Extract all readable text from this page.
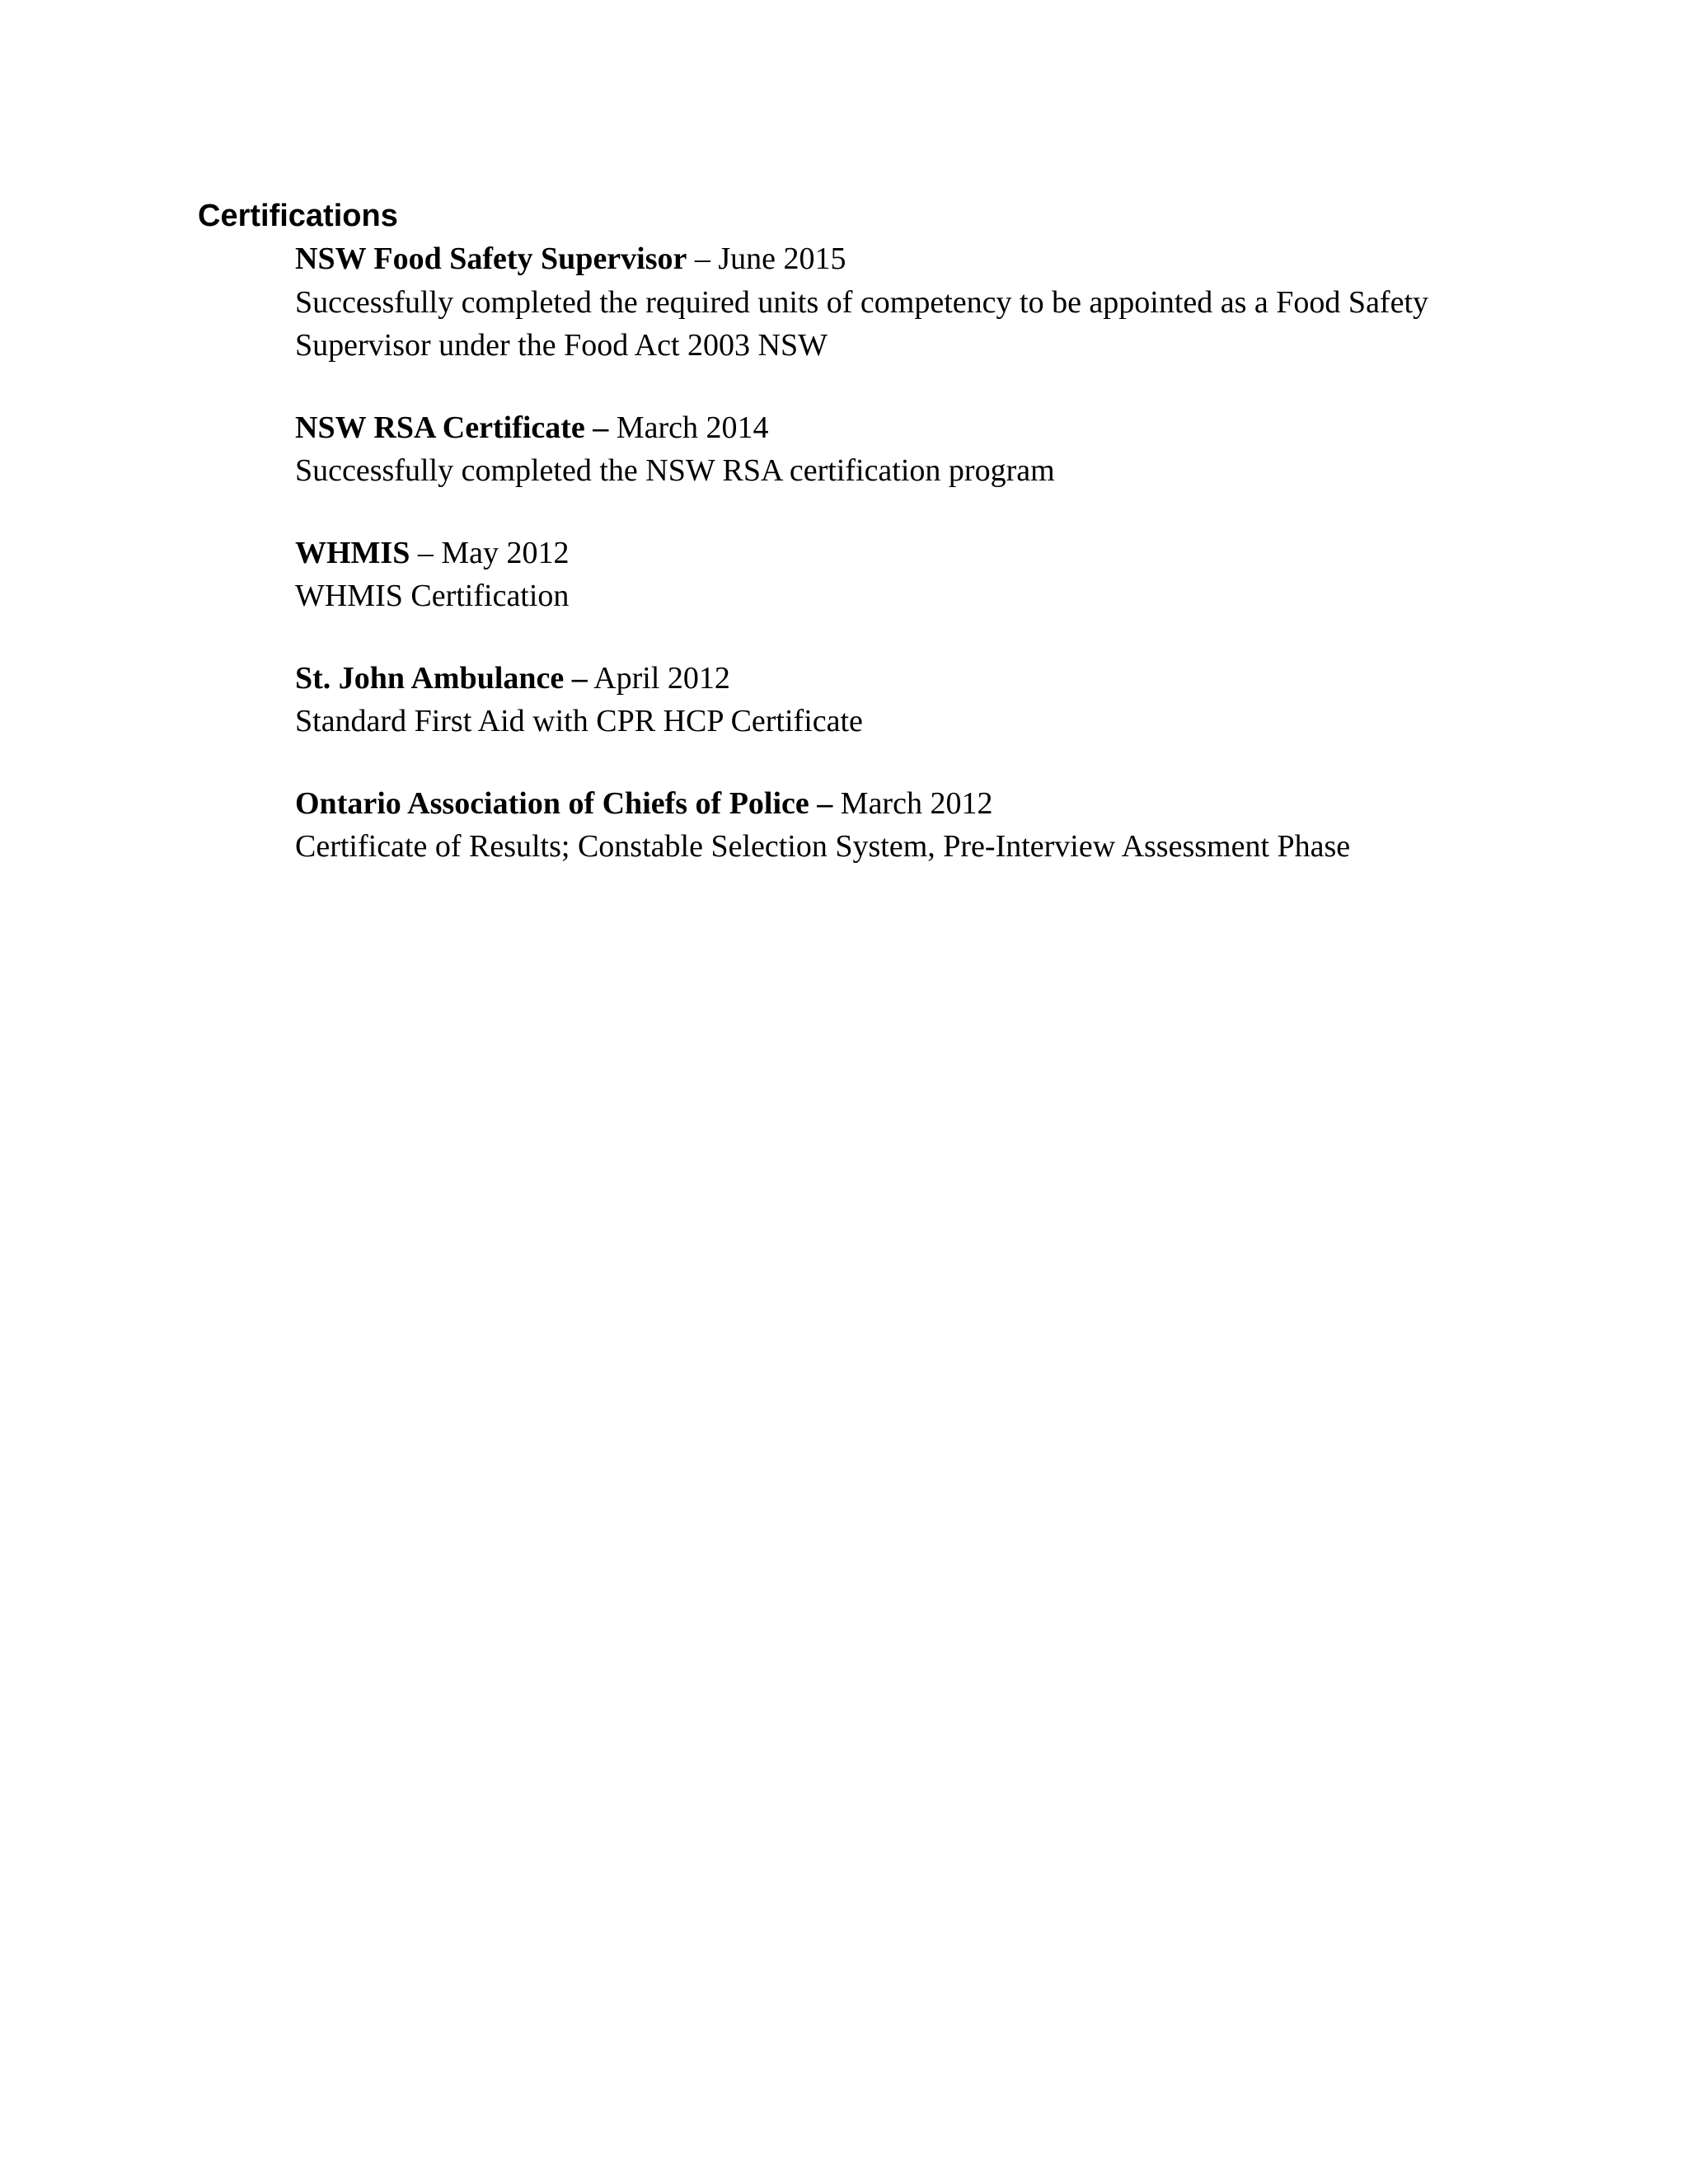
Certifications

NSW Food Safety Supervisor – June 2015

Successfully completed the required units of competency to be appointed as a Food Safety Supervisor under the Food Act 2003 NSW

NSW RSA Certificate – March 2014

Successfully completed the NSW RSA certification program

WHMIS – May 2012

WHMIS Certification

St. John Ambulance – April 2012

Standard First Aid with CPR HCP Certificate

Ontario Association of Chiefs of Police – March 2012

Certificate of Results; Constable Selection System, Pre-Interview Assessment Phase
